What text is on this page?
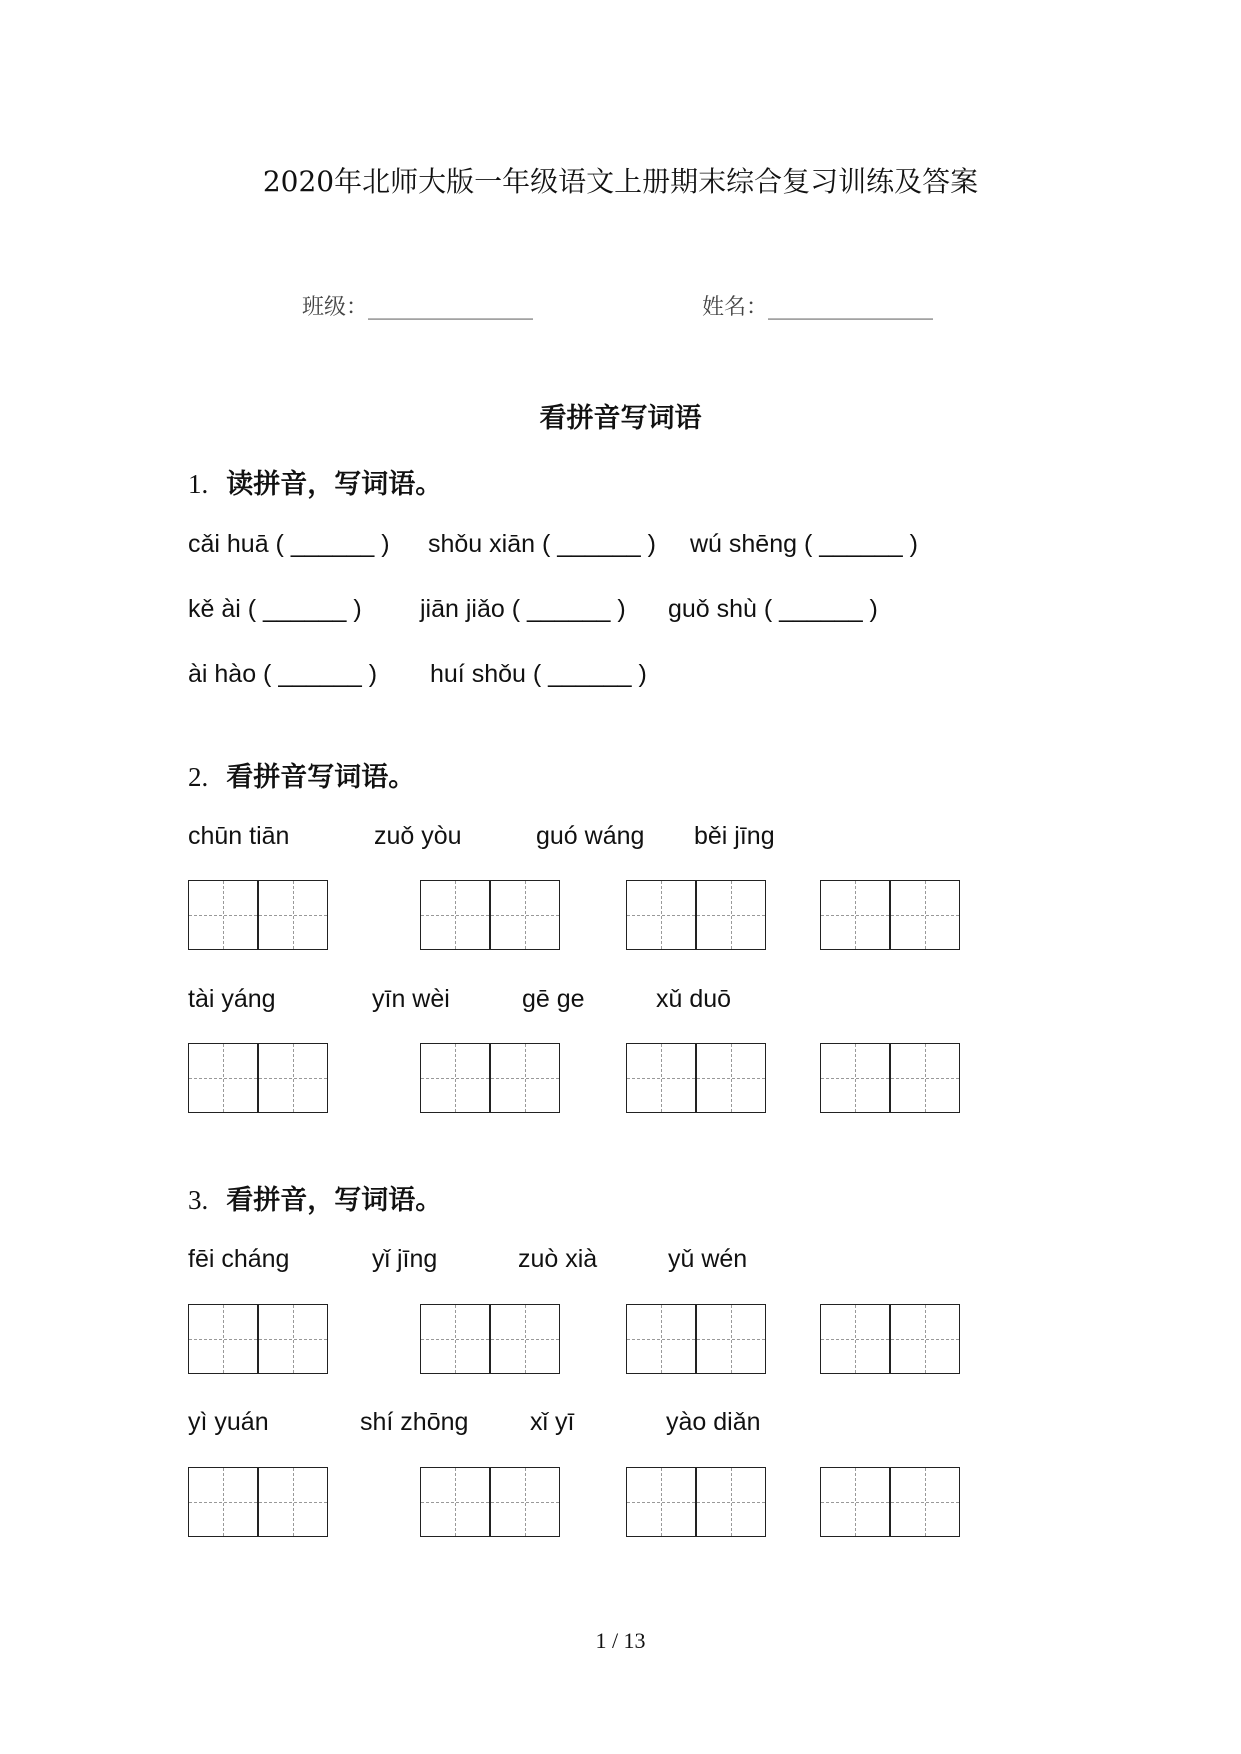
2020年北师大版一年级语文上册期末综合复习训练及答案
班级：_______________	姓名：_______________
看拼音写词语
1. 读拼音，写词语。
cǎi huā ( ______ ) shǒu xiān ( ______ ) wú shēng ( ______ )
kě ài ( ______ ) jiān jiǎo ( ______ ) guǒ shù ( ______ )
ài hào ( ______ ) huí shǒu ( ______ )
2. 看拼音写词语。
chūn tiān	zuǒ yòu	guó wáng běi jīng
tài yáng	yīn wèi	gē ge	xǔ duō
3. 看拼音，写词语。
fēi cháng	yǐ jīng	zuò xià	yǔ wén
yì yuán	shí zhōng xǐ yī	yào diǎn
1 / 13
